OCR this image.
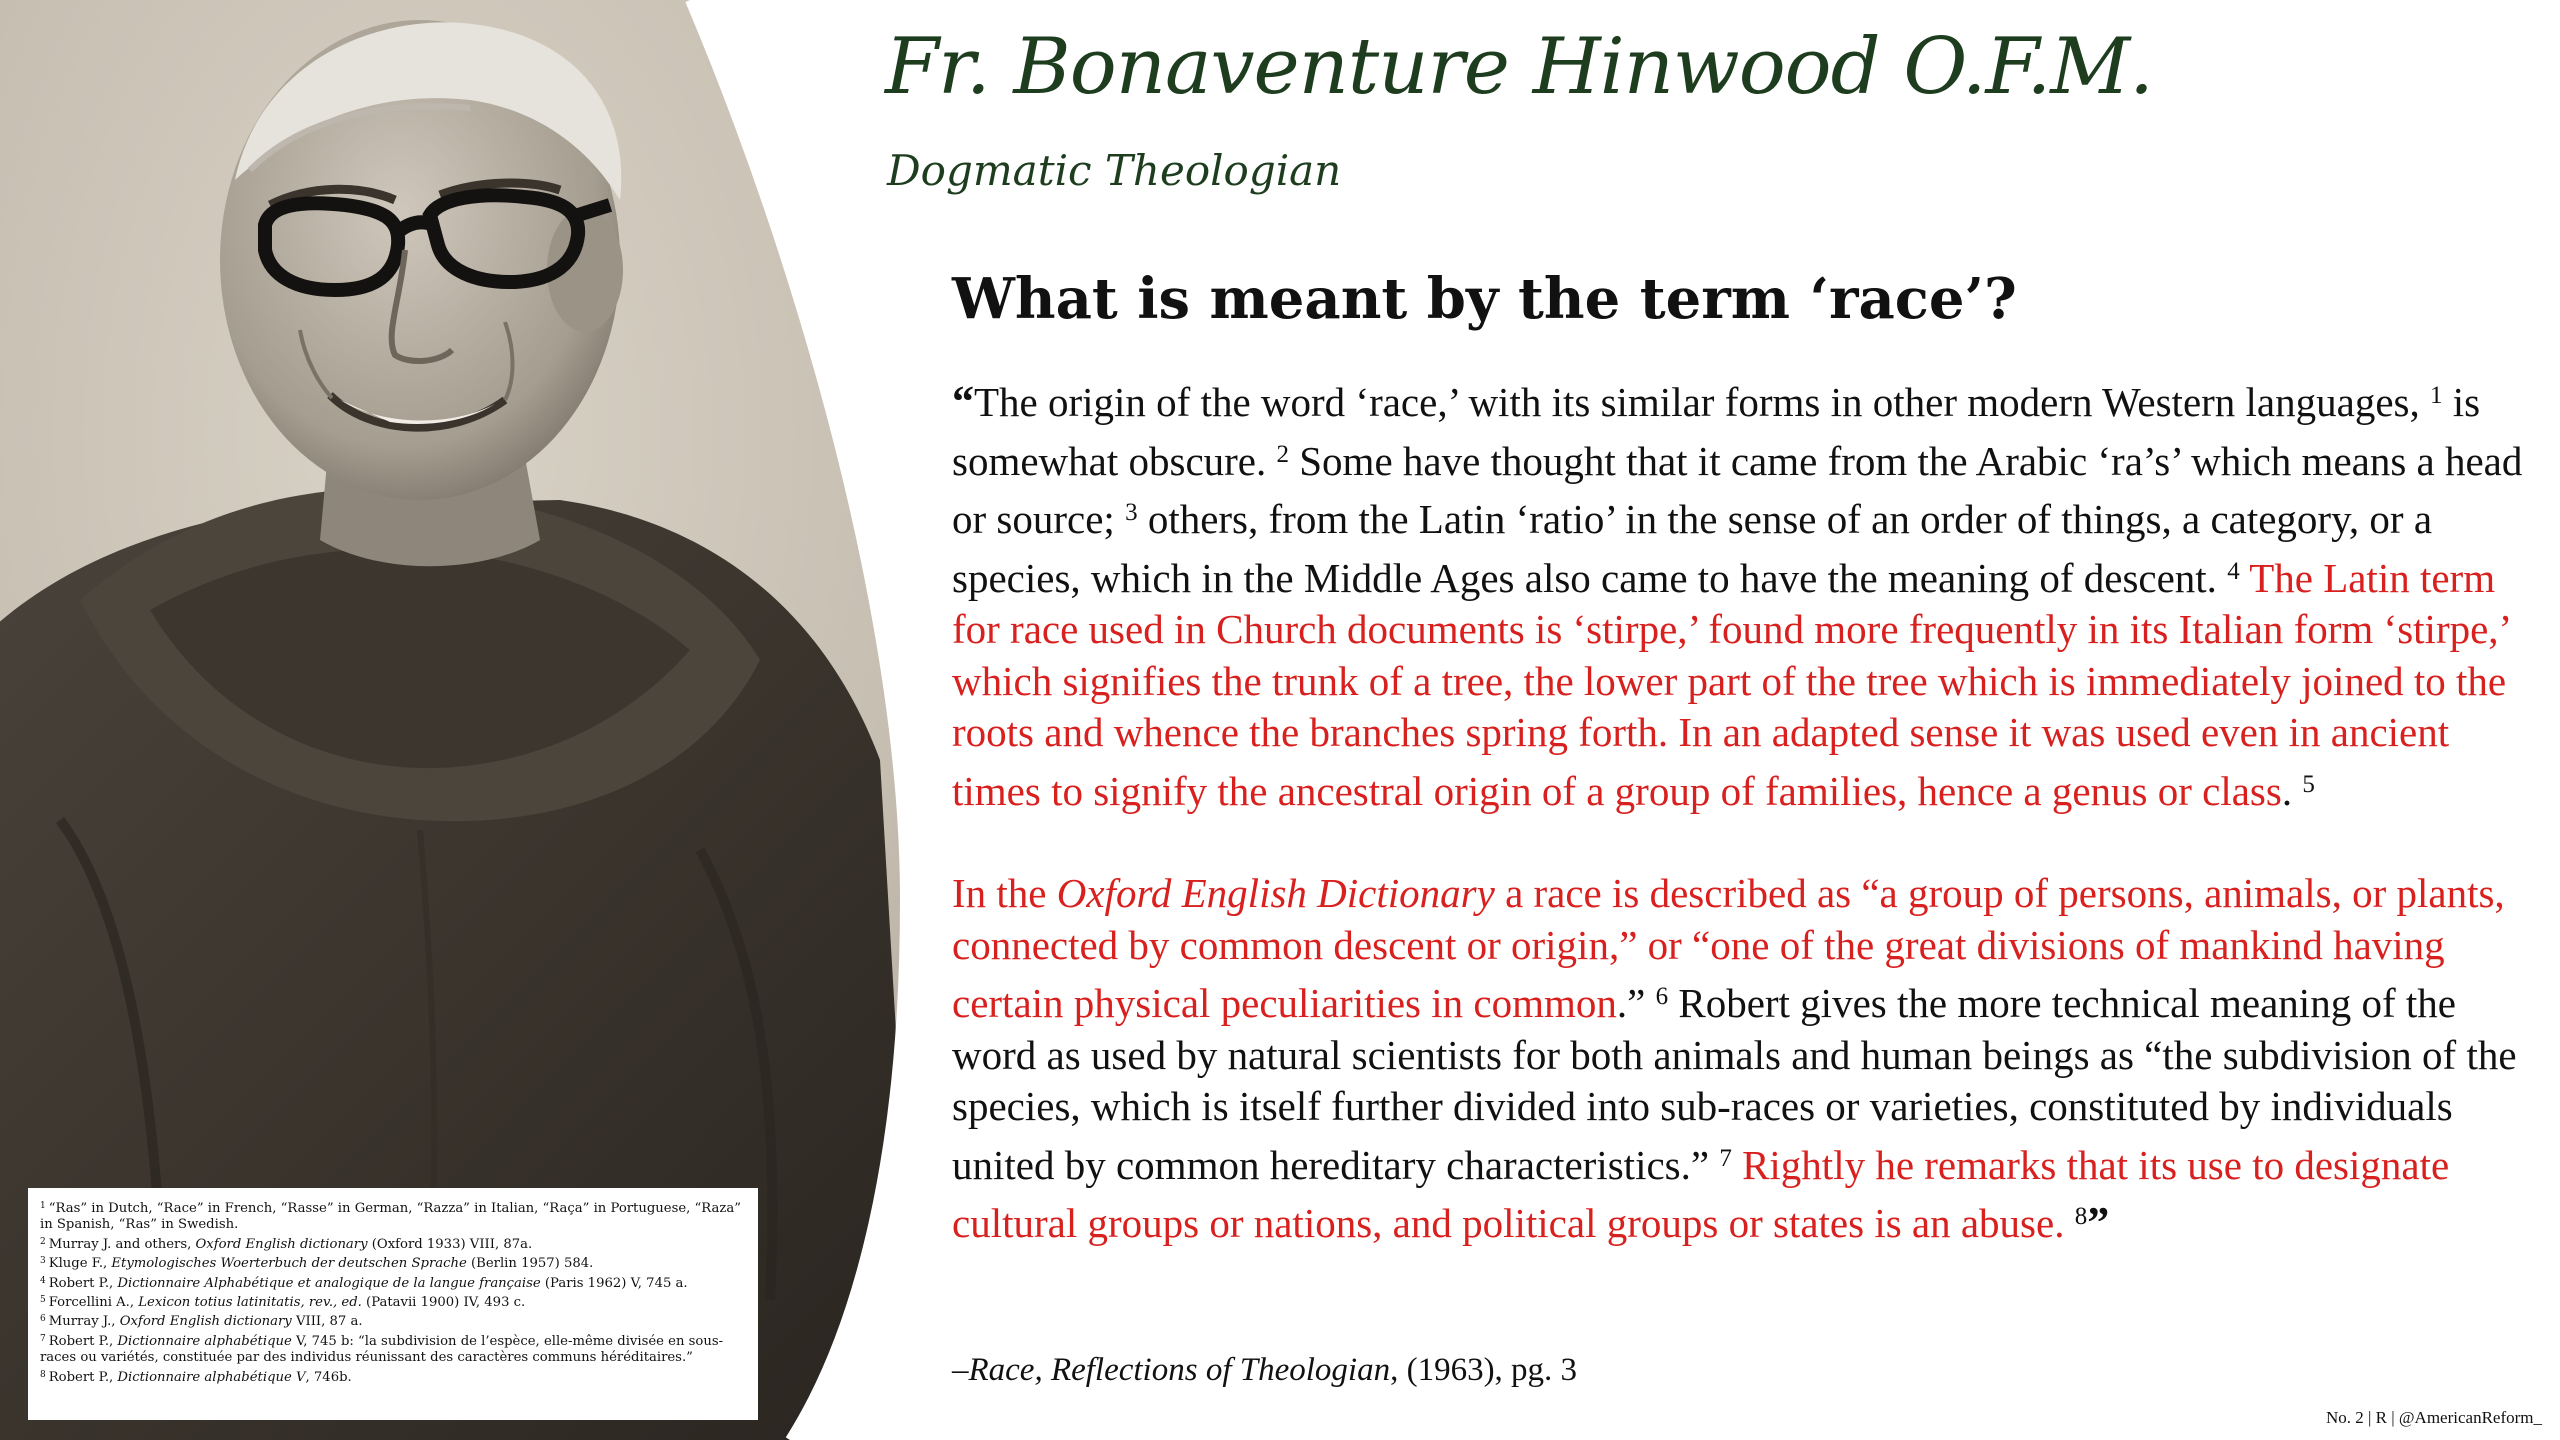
$^1$ “Ras” in Dutch, “Race” in French, “Rasse” in German, “Razza” in Italian, “Raça” in Portuguese, “Raza” in Spanish, “Ras” in Swedish.

$^2$ Murray J. and others, Oxford English dictionary (Oxford 1933) VIII, 87a.

$^3$ Kluge F., Etymologisches Woerterbuch der deutschen Sprache (Berlin 1957) 584.

$^4$ Robert P., Dictionnaire Alphabétique et analogique de la langue française (Paris 1962) V, 745 a.

$^5$ Forcellini A., Lexicon totius latinitatis, rev., ed. (Patavii 1900) IV, 493 c.

$^6$ Murray J., Oxford English dictionary VIII, 87 a.

$^7$ Robert P., Dictionnaire alphabétique V, 745 b: “la subdivision de l’espèce, elle-même divisée en sous- races ou variétés, constituée par des individus réunissant des caractères communs héréditaires.”

$^8$ Robert P., Dictionnaire alphabétique V, 746b.

Fr. Bonaventure Hinwood O.F.M.
Dogmatic Theologian
What is meant by the term ‘race’?

“The origin of the word ‘race,’ with its similar forms in other modern Western languages, $^1$ is somewhat obscure. $^2$ Some have thought that it came from the Arabic ‘ra’s’ which means a head or source; $^3$ others, from the Latin ‘ratio’ in the sense of an order of things, a category, or a species, which in the Middle Ages also came to have the meaning of descent. $^4$ The Latin term for race used in Church documents is ‘stirpe,’ found more frequently in its Italian form ‘stirpe,’ which signifies the trunk of a tree, the lower part of the tree which is immediately joined to the roots and whence the branches spring forth. In an adapted sense it was used even in ancient times to signify the ancestral origin of a group of families, hence a genus or class. $^5$

In the Oxford English Dictionary a race is described as “a group of persons, animals, or plants, connected by common descent or origin,” or “one of the great divisions of mankind having certain physical peculiarities in common.” $^6$ Robert gives the more technical meaning of the word as used by natural scientists for both animals and human beings as “the subdivision of the species, which is itself further divided into sub-races or varieties, constituted by individuals united by common hereditary characteristics.” $^7$ Rightly he remarks that its use to designate cultural groups or nations, and political groups or states is an abuse. $^8$”

–Race, Reflections of Theologian, (1963), pg. 3

No. 2 | R | @AmericanReform_
